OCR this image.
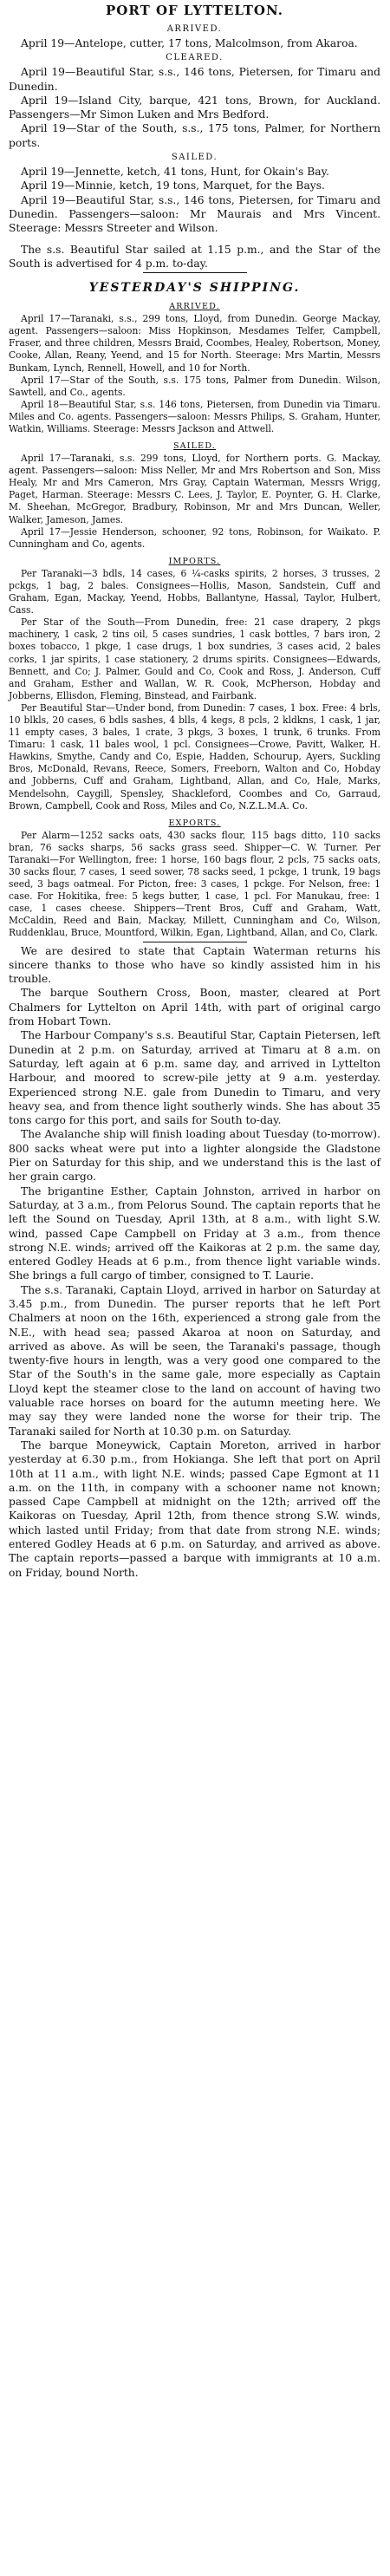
PORT OF LYTTELTON.
ARRIVED.

April 19—Antelope, cutter, 17 tons, Malcolmson, from Akaroa.

CLEARED.

April 19—Beautiful Star, s.s., 146 tons, Pietersen, for Timaru and Dunedin.

April 19—Island City, barque, 421 tons, Brown, for Auckland. Passengers—Mr Simon Luken and Mrs Bedford.

April 19—Star of the South, s.s., 175 tons, Palmer, for Northern ports.

SAILED.

April 19—Jennette, ketch, 41 tons, Hunt, for Okain's Bay.

April 19—Minnie, ketch, 19 tons, Marquet, for the Bays.

April 19—Beautiful Star, s.s., 146 tons, Pietersen, for Timaru and Dunedin. Passengers—saloon: Mr Maurais and Mrs Vincent. Steerage: Messrs Streeter and Wilson.

The s.s. Beautiful Star sailed at 1.15 p.m., and the Star of the South is advertised for 4 p.m. to-day.

YESTERDAY'S SHIPPING.
ARRIVED.

April 17—Taranaki, s.s., 299 tons, Lloyd, from Dunedin. George Mackay, agent. Passengers—saloon: Miss Hopkinson, Mesdames Telfer, Campbell, Fraser, and three children, Messrs Braid, Coombes, Healey, Robertson, Money, Cooke, Allan, Reany, Yeend, and 15 for North. Steerage: Mrs Martin, Messrs Bunkam, Lynch, Rennell, Howell, and 10 for North.

April 17—Star of the South, s.s. 175 tons, Palmer from Dunedin. Wilson, Sawtell, and Co., agents.

April 18—Beautiful Star, s.s. 146 tons, Pietersen, from Dunedin via Timaru. Miles and Co. agents. Passengers—saloon: Messrs Philips, S. Graham, Hunter, Watkin, Williams. Steerage: Messrs Jackson and Attwell.

SAILED.

April 17—Taranaki, s.s. 299 tons, Lloyd, for Northern ports. G. Mackay, agent. Passengers—saloon: Miss Neller, Mr and Mrs Robertson and Son, Miss Healy, Mr and Mrs Cameron, Mrs Gray, Captain Waterman, Messrs Wrigg, Paget, Harman. Steerage: Messrs C. Lees, J. Taylor, E. Poynter, G. H. Clarke, M. Sheehan, McGregor, Bradbury, Robinson, Mr and Mrs Duncan, Weller, Walker, Jameson, James.

April 17—Jessie Henderson, schooner, 92 tons, Robinson, for Waikato. P. Cunningham and Co, agents.

IMPORTS.

Per Taranaki—3 bdls, 14 cases, 6 ¼-casks spirits, 2 horses, 3 trusses, 2 pckgs, 1 bag, 2 bales. Consignees—Hollis, Mason, Sandstein, Cuff and Graham, Egan, Mackay, Yeend, Hobbs, Ballantyne, Hassal, Taylor, Hulbert, Cass.

Per Star of the South—From Dunedin, free: 21 case drapery, 2 pkgs machinery, 1 cask, 2 tins oil, 5 cases sundries, 1 cask bottles, 7 bars iron, 2 boxes tobacco, 1 pkge, 1 case drugs, 1 box sundries, 3 cases acid, 2 bales corks, 1 jar spirits, 1 case stationery, 2 drums spirits. Consignees—Edwards, Bennett, and Co; J. Palmer, Gould and Co, Cook and Ross, J. Anderson, Cuff and Graham, Esther and Wallan, W. R. Cook, McPherson, Hobday and Jobberns, Ellisdon, Fleming, Binstead, and Fairbank.

Per Beautiful Star—Under bond, from Dunedin: 7 cases, 1 box. Free: 4 brls, 10 blkls, 20 cases, 6 bdls sashes, 4 blls, 4 kegs, 8 pcls, 2 kldkns, 1 cask, 1 jar, 11 empty cases, 3 bales, 1 crate, 3 pkgs, 3 boxes, 1 trunk, 6 trunks. From Timaru: 1 cask, 11 bales wool, 1 pcl. Consignees—Crowe, Pavitt, Walker, H. Hawkins, Smythe, Candy and Co, Espie, Hadden, Schourup, Ayers, Suckling Bros, McDonald, Revans, Reece, Somers, Freeborn, Walton and Co, Hobday and Jobberns, Cuff and Graham, Lightband, Allan, and Co, Hale, Marks, Mendelsohn, Caygill, Spensley, Shackleford, Coombes and Co, Garraud, Brown, Campbell, Cook and Ross, Miles and Co, N.Z.L.M.A. Co.

EXPORTS.

Per Alarm—1252 sacks oats, 430 sacks flour, 115 bags ditto, 110 sacks bran, 76 sacks sharps, 56 sacks grass seed. Shipper—C. W. Turner. Per Taranaki—For Wellington, free: 1 horse, 160 bags flour, 2 pcls, 75 sacks oats, 30 sacks flour, 7 cases, 1 seed sower, 78 sacks seed, 1 pckge, 1 trunk, 19 bags seed, 3 bags oatmeal. For Picton, free: 3 cases, 1 pckge. For Nelson, free: 1 case. For Hokitika, free: 5 kegs butter, 1 case, 1 pcl. For Manukau, free: 1 case, 1 cases cheese. Shippers—Trent Bros, Cuff and Graham, Watt, McCaldin, Reed and Bain, Mackay, Millett, Cunningham and Co, Wilson, Ruddenklau, Bruce, Mountford, Wilkin, Egan, Lightband, Allan, and Co, Clark.

We are desired to state that Captain Waterman returns his sincere thanks to those who have so kindly assisted him in his trouble.

The barque Southern Cross, Boon, master, cleared at Port Chalmers for Lyttelton on April 14th, with part of original cargo from Hobart Town.

The Harbour Company's s.s. Beautiful Star, Captain Pietersen, left Dunedin at 2 p.m. on Saturday, arrived at Timaru at 8 a.m. on Saturday, left again at 6 p.m. same day, and arrived in Lyttelton Harbour, and moored to screw-pile jetty at 9 a.m. yesterday. Experienced strong N.E. gale from Dunedin to Timaru, and very heavy sea, and from thence light southerly winds. She has about 35 tons cargo for this port, and sails for South to-day.

The Avalanche ship will finish loading about Tuesday (to-morrow). 800 sacks wheat were put into a lighter alongside the Gladstone Pier on Saturday for this ship, and we understand this is the last of her grain cargo.

The brigantine Esther, Captain Johnston, arrived in harbor on Saturday, at 3 a.m., from Pelorus Sound. The captain reports that he left the Sound on Tuesday, April 13th, at 8 a.m., with light S.W. wind, passed Cape Campbell on Friday at 3 a.m., from thence strong N.E. winds; arrived off the Kaikoras at 2 p.m. the same day, entered Godley Heads at 6 p.m., from thence light variable winds. She brings a full cargo of timber, consigned to T. Laurie.

The s.s. Taranaki, Captain Lloyd, arrived in harbor on Saturday at 3.45 p.m., from Dunedin. The purser reports that he left Port Chalmers at noon on the 16th, experienced a strong gale from the N.E., with head sea; passed Akaroa at noon on Saturday, and arrived as above. As will be seen, the Taranaki's passage, though twenty-five hours in length, was a very good one compared to the Star of the South's in the same gale, more especially as Captain Lloyd kept the steamer close to the land on account of having two valuable race horses on board for the autumn meeting here. We may say they were landed none the worse for their trip. The Taranaki sailed for North at 10.30 p.m. on Saturday.

The barque Moneywick, Captain Moreton, arrived in harbor yesterday at 6.30 p.m., from Hokianga. She left that port on April 10th at 11 a.m., with light N.E. winds; passed Cape Egmont at 11 a.m. on the 11th, in company with a schooner name not known; passed Cape Campbell at midnight on the 12th; arrived off the Kaikoras on Tuesday, April 12th, from thence strong S.W. winds, which lasted until Friday; from that date from strong N.E. winds; entered Godley Heads at 6 p.m. on Saturday, and arrived as above. The captain reports—passed a barque with immigrants at 10 a.m. on Friday, bound North.
